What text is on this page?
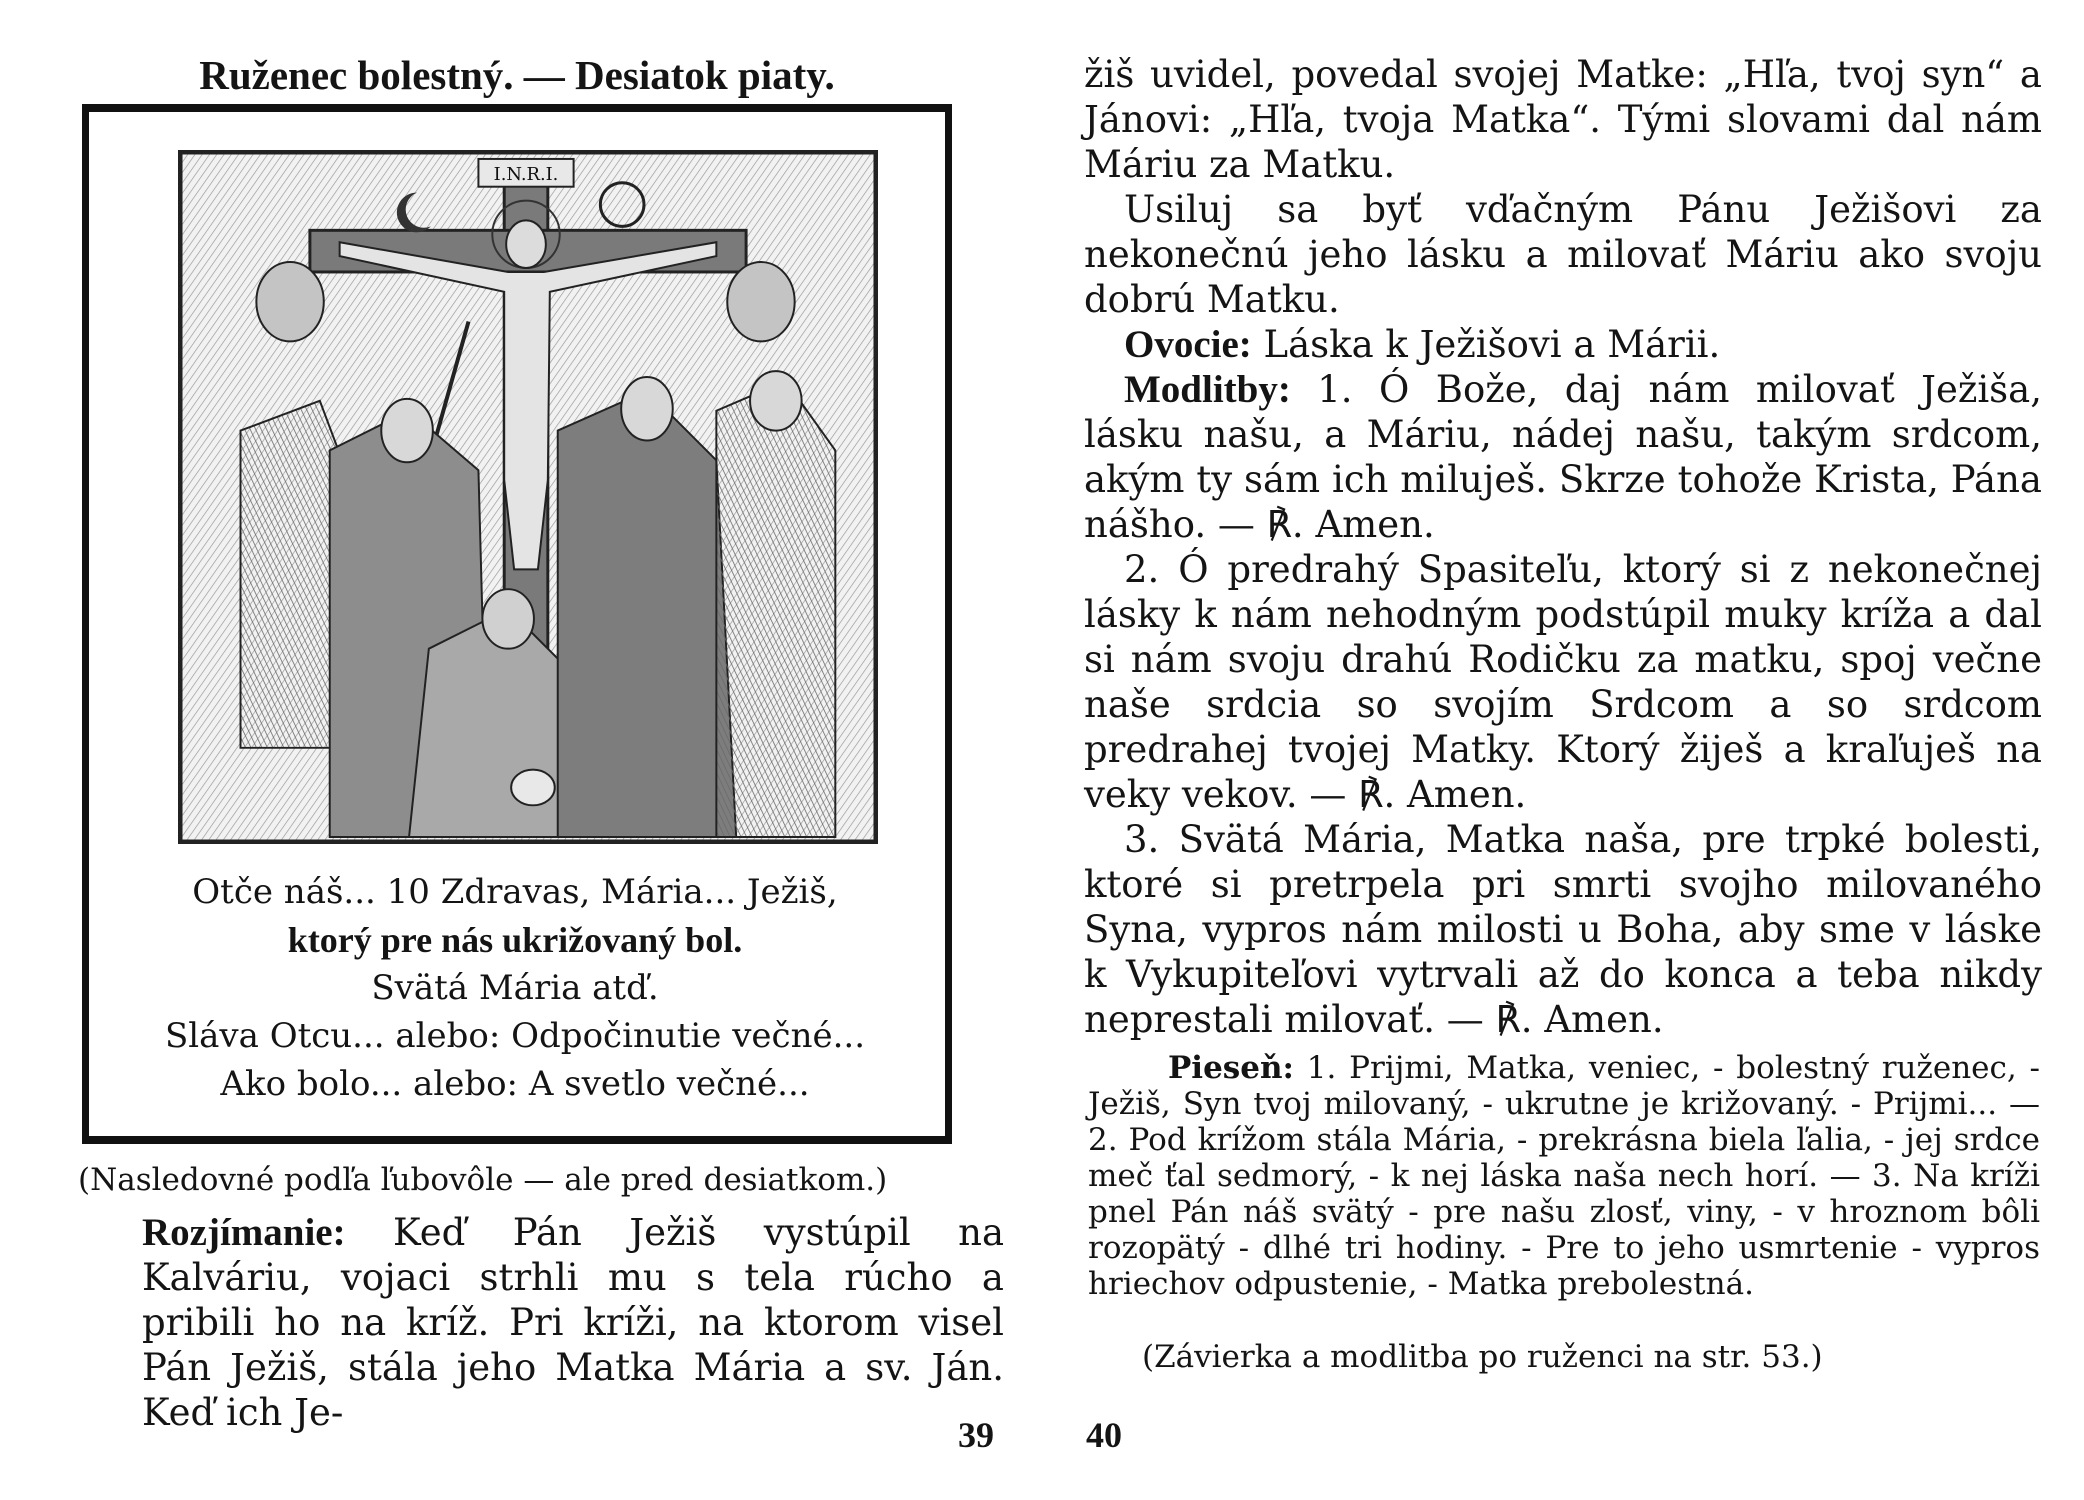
Ruženec bolestný. — Desiatok piaty.
I.N.R.I.
Otče náš... 10 Zdravas, Mária... Ježiš,
ktorý pre nás ukrižovaný bol.
Svätá Mária atď.
Sláva Otcu... alebo: Odpočinutie večné...
Ako bolo... alebo: A svetlo večné...
(Nasledovné podľa ľubovôle — ale pred desiatkom.)

Rozjímanie: Keď Pán Ježiš vystúpil na Kalváriu, vojaci strhli mu s tela rúcho a pribili ho na kríž. Pri kríži, na ktorom visel Pán Ježiš, stála jeho Matka Mária a sv. Ján. Keď ich Je-

39

žiš uvidel, povedal svojej Matke: „Hľa, tvoj syn“ a Jánovi: „Hľa, tvoja Matka“. Tými slovami dal nám Máriu za Matku.

Usiluj sa byť vďačným Pánu Ježišovi za nekonečnú jeho lásku a milovať Máriu ako svoju dobrú Matku.

Ovocie: Láska k Ježišovi a Márii.

Modlitby: 1. Ó Bože, daj nám milovať Ježiša, lásku našu, a Máriu, nádej našu, takým srdcom, akým ty sám ich miluješ. Skrze tohože Krista, Pána nášho. — ℟. Amen.

2. Ó predrahý Spasiteľu, ktorý si z nekonečnej lásky k nám nehodným podstúpil muky kríža a dal si nám svoju drahú Rodičku za matku, spoj večne naše srdcia so svojím Srdcom a so srdcom predrahej tvojej Matky. Ktorý žiješ a kraľuješ na veky vekov. — ℟. Amen.

3. Svätá Mária, Matka naša, pre trpké bolesti, ktoré si pretrpela pri smrti svojho milovaného Syna, vypros nám milosti u Boha, aby sme v láske k Vykupiteľovi vytrvali až do konca a teba nikdy neprestali milovať. — ℟. Amen.

Pieseň: 1. Prijmi, Matka, veniec, - bolestný ruženec, - Ježiš, Syn tvoj milovaný, - ukrutne je križovaný. - Prijmi... — 2. Pod krížom stála Mária, - prekrásna biela ľalia, - jej srdce meč ťal sedmorý, - k nej láska naša nech horí. — 3. Na kríži pnel Pán náš svätý - pre našu zlosť, viny, - v hroznom bôli rozopätý - dlhé tri hodiny. - Pre to jeho usmrtenie - vypros hriechov odpustenie, - Matka prebolestná.

(Závierka a modlitba po ruženci na str. 53.)
40
